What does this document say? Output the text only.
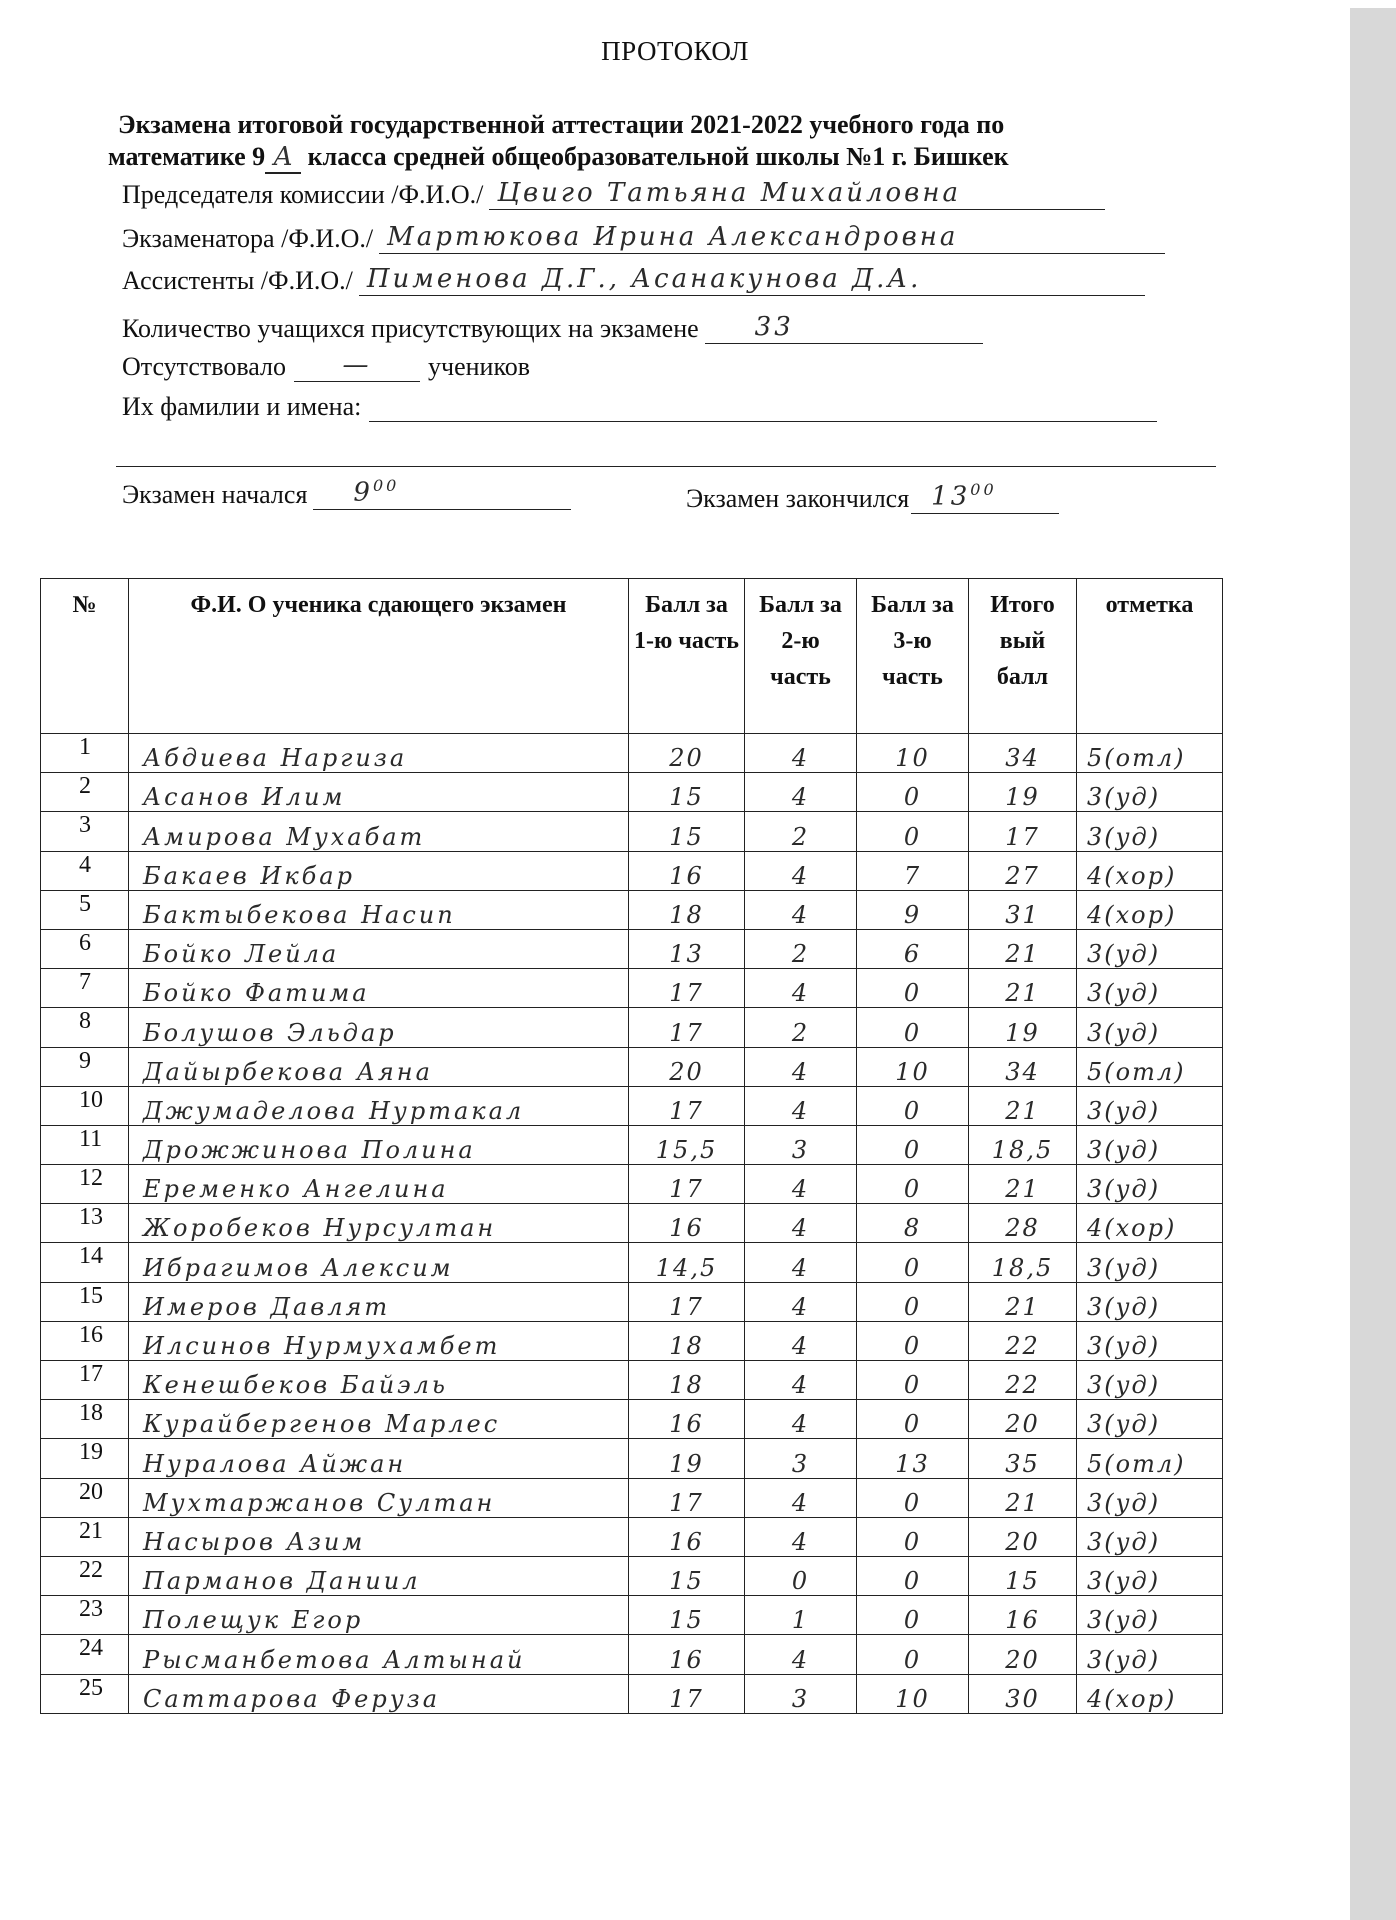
ПРОТОКОЛ
Экзамена итоговой государственной аттестации 2021-2022 учебного года по
математике 9 А класса средней общеобразовательной школы №1 г. Бишкек
Председателя комиссии /Ф.И.О./ Цвиго Татьяна Михайловна
Экзаменатора /Ф.И.О./ Мартюкова Ирина Александровна
Ассистенты /Ф.И.О./ Пименова Д.Г., Асанакунова Д.А.
Количество учащихся присутствующих на экзамене	33
Отсутствовало	—	учеников
Их фамилии и имена:
Экзамен начался	$9^{00}$	Экзамен закончился $13^{00}$
№	Ф.И. О ученика сдающего экзамен	Балл за 1-ю часть	Балл за 2-ю часть	Балл за 3-ю часть	Итого вый балл	отметка
1	Абдиева Наргиза	20	4	10	34	5(отл)
2	Асанов Илим	15	4	0	19	3(уд)
3	Амирова Мухабат	15	2	0	17	3(уд)
4	Бакаев Икбар	16	4	7	27	4(хор)
5	Бактыбекова Насип	18	4	9	31	4(хор)
6	Бойко Лейла	13	2	6	21	3(уд)
7	Бойко Фатима	17	4	0	21	3(уд)
8	Болушов Эльдар	17	2	0	19	3(уд)
9	Дайырбекова Аяна	20	4	10	34	5(отл)
10	Джумаделова Нуртакал	17	4	0	21	3(уд)
11	Дрожжинова Полина	15,5	3	0	18,5	3(уд)
12	Еременко Ангелина	17	4	0	21	3(уд)
13	Жоробеков Нурсултан	16	4	8	28	4(хор)
14	Ибрагимов Алексим	14,5	4	0	18,5	3(уд)
15	Имеров Давлят	17	4	0	21	3(уд)
16	Илсинов Нурмухамбет	18	4	0	22	3(уд)
17	Кенешбеков Байэль	18	4	0	22	3(уд)
18	Курайбергенов Марлес	16	4	0	20	3(уд)
19	Нуралова Айжан	19	3	13	35	5(отл)
20	Мухтаржанов Султан	17	4	0	21	3(уд)
21	Насыров Азим	16	4	0	20	3(уд)
22	Парманов Даниил	15	0	0	15	3(уд)
23	Полещук Егор	15	1	0	16	3(уд)
24	Рысманбетова Алтынай	16	4	0	20	3(уд)
25	Саттарова Феруза	17	3	10	30	4(хор)
